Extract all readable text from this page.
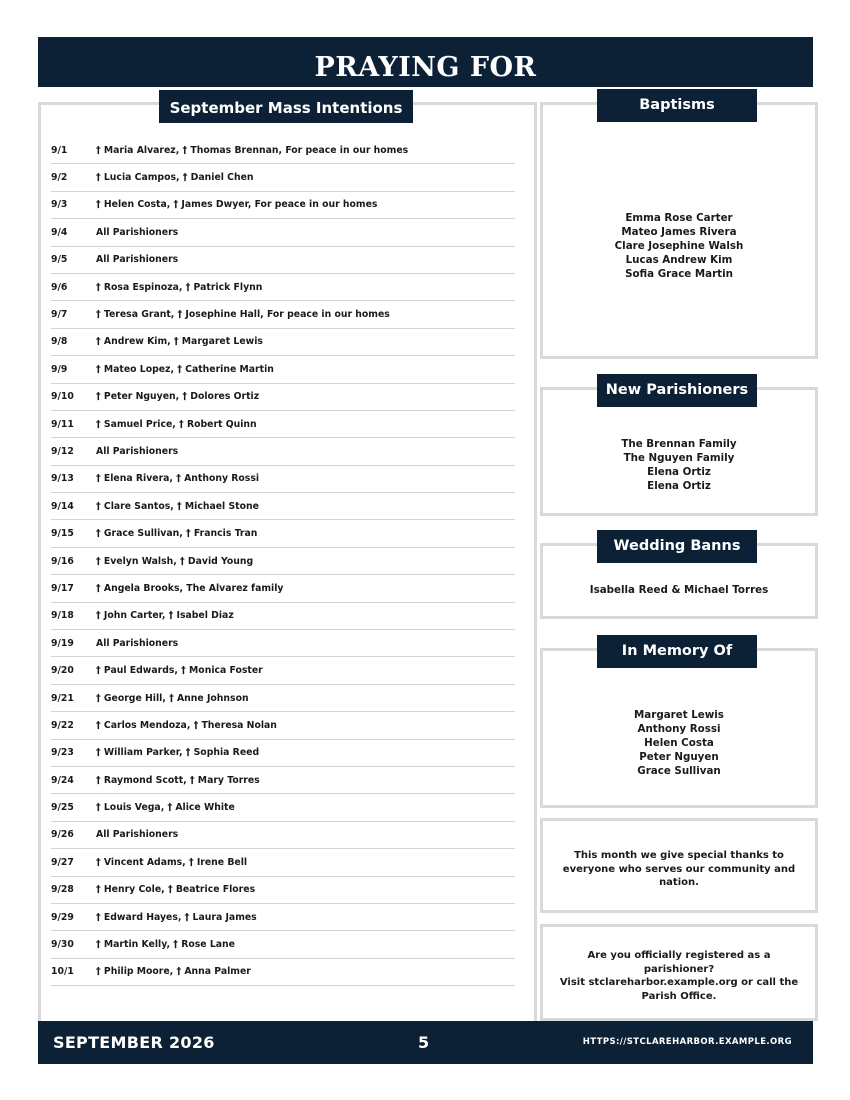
PRAYING FOR
September Mass Intentions
9/1	† Maria Alvarez, † Thomas Brennan, For peace in our homes
9/2	† Lucia Campos, † Daniel Chen
9/3	† Helen Costa, † James Dwyer, For peace in our homes
9/4	All Parishioners
9/5	All Parishioners
9/6	† Rosa Espinoza, † Patrick Flynn
9/7	† Teresa Grant, † Josephine Hall, For peace in our homes
9/8	† Andrew Kim, † Margaret Lewis
9/9	† Mateo Lopez, † Catherine Martin
9/10	† Peter Nguyen, † Dolores Ortiz
9/11	† Samuel Price, † Robert Quinn
9/12	All Parishioners
9/13	† Elena Rivera, † Anthony Rossi
9/14	† Clare Santos, † Michael Stone
9/15	† Grace Sullivan, † Francis Tran
9/16	† Evelyn Walsh, † David Young
9/17	† Angela Brooks, The Alvarez family
9/18	† John Carter, † Isabel Diaz
9/19	All Parishioners
9/20	† Paul Edwards, † Monica Foster
9/21	† George Hill, † Anne Johnson
9/22	† Carlos Mendoza, † Theresa Nolan
9/23	† William Parker, † Sophia Reed
9/24	† Raymond Scott, † Mary Torres
9/25	† Louis Vega, † Alice White
9/26	All Parishioners
9/27	† Vincent Adams, † Irene Bell
9/28	† Henry Cole, † Beatrice Flores
9/29	† Edward Hayes, † Laura James
9/30	† Martin Kelly, † Rose Lane
10/1	† Philip Moore, † Anna Palmer
Emma Rose Carter
Mateo James Rivera
Clare Josephine Walsh
Lucas Andrew Kim
Sofia Grace Martin
Baptisms
The Brennan Family
The Nguyen Family
Elena Ortiz
Elena Ortiz
New Parishioners
Isabella Reed & Michael Torres
Wedding Banns
Margaret Lewis
Anthony Rossi
Helen Costa
Peter Nguyen
Grace Sullivan
In Memory Of
This month we give special thanks to everyone who serves our community and nation.
Are you officially registered as a parishioner?
Visit stclareharbor.example.org or call the Parish Office.
SEPTEMBER 2026	5	HTTPS://STCLAREHARBOR.EXAMPLE.ORG
